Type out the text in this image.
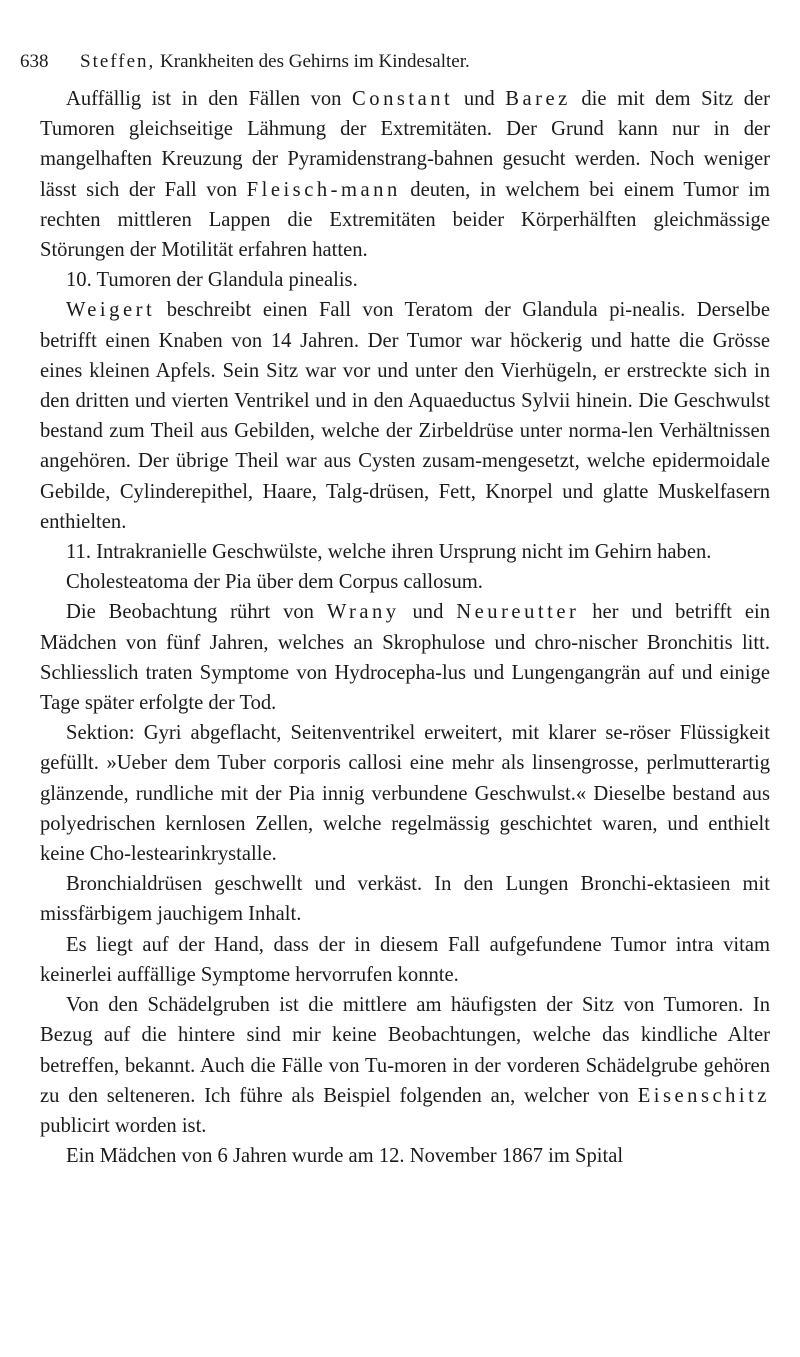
638	Steffen, Krankheiten des Gehirns im Kindesalter.

Auffällig ist in den Fällen von Constant und Barez die mit dem Sitz der Tumoren gleichseitige Lähmung der Extremitäten. Der Grund kann nur in der mangelhaften Kreuzung der Pyramidenstrang-bahnen gesucht werden. Noch weniger lässt sich der Fall von Fleisch-mann deuten, in welchem bei einem Tumor im rechten mittleren Lappen die Extremitäten beider Körperhälften gleichmässige Störungen der Motilität erfahren hatten.

10. Tumoren der Glandula pinealis.

Weigert beschreibt einen Fall von Teratom der Glandula pi-nealis. Derselbe betrifft einen Knaben von 14 Jahren. Der Tumor war höckerig und hatte die Grösse eines kleinen Apfels. Sein Sitz war vor und unter den Vierhügeln, er erstreckte sich in den dritten und vierten Ventrikel und in den Aquaeductus Sylvii hinein. Die Geschwulst bestand zum Theil aus Gebilden, welche der Zirbeldrüse unter norma-len Verhältnissen angehören. Der übrige Theil war aus Cysten zusam-mengesetzt, welche epidermoidale Gebilde, Cylinderepithel, Haare, Talg-drüsen, Fett, Knorpel und glatte Muskelfasern enthielten.

11. Intrakranielle Geschwülste, welche ihren Ursprung nicht im Gehirn haben.

Cholesteatoma der Pia über dem Corpus callosum.

Die Beobachtung rührt von Wrany und Neureutter her und betrifft ein Mädchen von fünf Jahren, welches an Skrophulose und chro-nischer Bronchitis litt. Schliesslich traten Symptome von Hydrocepha-lus und Lungengangrän auf und einige Tage später erfolgte der Tod.

Sektion: Gyri abgeflacht, Seitenventrikel erweitert, mit klarer se-röser Flüssigkeit gefüllt. »Ueber dem Tuber corporis callosi eine mehr als linsengrosse, perlmutterartig glänzende, rundliche mit der Pia innig verbundene Geschwulst.« Dieselbe bestand aus polyedrischen kernlosen Zellen, welche regelmässig geschichtet waren, und enthielt keine Cho-lestearinkrystalle.

Bronchialdrüsen geschwellt und verkäst. In den Lungen Bronchi-ektasieen mit missfärbigem jauchigem Inhalt.

Es liegt auf der Hand, dass der in diesem Fall aufgefundene Tumor intra vitam keinerlei auffällige Symptome hervorrufen konnte.

Von den Schädelgruben ist die mittlere am häufigsten der Sitz von Tumoren. In Bezug auf die hintere sind mir keine Beobachtungen, welche das kindliche Alter betreffen, bekannt. Auch die Fälle von Tu-moren in der vorderen Schädelgrube gehören zu den selteneren. Ich führe als Beispiel folgenden an, welcher von Eisenschitz publicirt worden ist.

Ein Mädchen von 6 Jahren wurde am 12. November 1867 im Spital
